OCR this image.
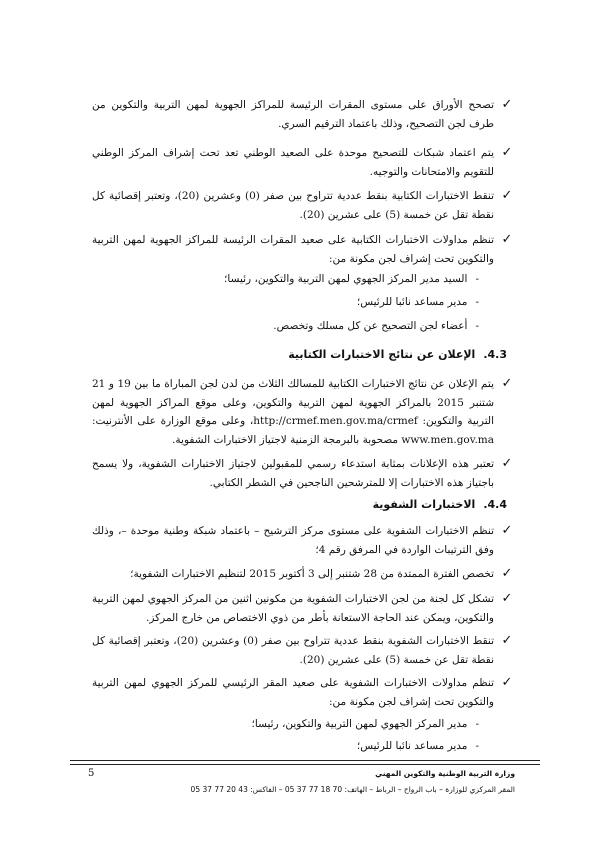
✓
تصحح الأوراق على مستوى المقرات الرئيسة للمراكز الجهوية لمهن التربية والتكوين من طرف لجن التصحيح، وذلك باعتماد الترقيم السري.
✓
يتم اعتماد شبكات للتصحيح موحدة على الصعيد الوطني تعد تحت إشراف المركز الوطني للتقويم والامتحانات والتوجيه.
✓
تنقط الاختبارات الكتابية بنقط عددية تتراوح بين صفر (0) وعشرين (20)، وتعتبر إقصائية كل نقطة تقل عن خمسة (5) على عشرين (20).
✓
تنظم مداولات الاختبارات الكتابية على صعيد المقرات الرئيسة للمراكز الجهوية لمهن التربية والتكوين تحت إشراف لجن مكونة من:
-السيد مدير المركز الجهوي لمهن التربية والتكوين، رئيسا؛
-مدير مساعد نائبا للرئيس؛
-أعضاء لجن التصحيح عن كل مسلك وتخصص.
4.3.الإعلان عن نتائج الاختبارات الكتابية
✓
يتم الإعلان عن نتائج الاختبارات الكتابية للمسالك الثلاث من لدن لجن المباراة ما بين 19 و 21 شتنبر 2015 بالمراكز الجهوية لمهن التربية والتكوين، وعلى موقع المراكز الجهوية لمهن التربية والتكوين: http://crmef.men.gov.ma/crmef، وعلى موقع الوزارة على الأنترنيت: www.men.gov.ma مصحوبة بالبرمجة الزمنية لاجتياز الاختبارات الشفوية.
✓
تعتبر هذه الإعلانات بمثابة استدعاء رسمي للمقبولين لاجتياز الاختبارات الشفوية، ولا يسمح باجتياز هذه الاختبارات إلا للمترشحين الناجحين في الشطر الكتابي.
4.4.الاختبارات الشفوية
✓
تنظم الاختبارات الشفوية على مستوى مركز الترشيح – باعتماد شبكة وطنية موحدة –، وذلك وفق الترتيبات الواردة في المرفق رقم 4؛
✓
تخصص الفترة الممتدة من 28 شتنبر إلى 3 أكتوبر 2015 لتنظيم الاختبارات الشفوية؛
✓
تشكل كل لجنة من لجن الاختبارات الشفوية من مكونين اثنين من المركز الجهوي لمهن التربية والتكوين، ويمكن عند الحاجة الاستعانة بأطر من ذوي الاختصاص من خارج المركز.
✓
تنقط الاختبارات الشفوية بنقط عددية تتراوح بين صفر (0) وعشرين (20)، وتعتبر إقصائية كل نقطة تقل عن خمسة (5) على عشرين (20).
✓
تنظم مداولات الاختبارات الشفوية على صعيد المقر الرئيسي للمركز الجهوي لمهن التربية والتكوين تحت إشراف لجن مكونة من:
-مدير المركز الجهوي لمهن التربية والتكوين، رئيسا؛
-مدير مساعد نائبا للرئيس؛
5	وزارة التربية الوطنية والتكوين المهني
المقر المركزي للوزارة – باب الرواح – الرباط – الهاتف: 70 18 77 37 05 – الفاكس: 43 20 77 37 05
